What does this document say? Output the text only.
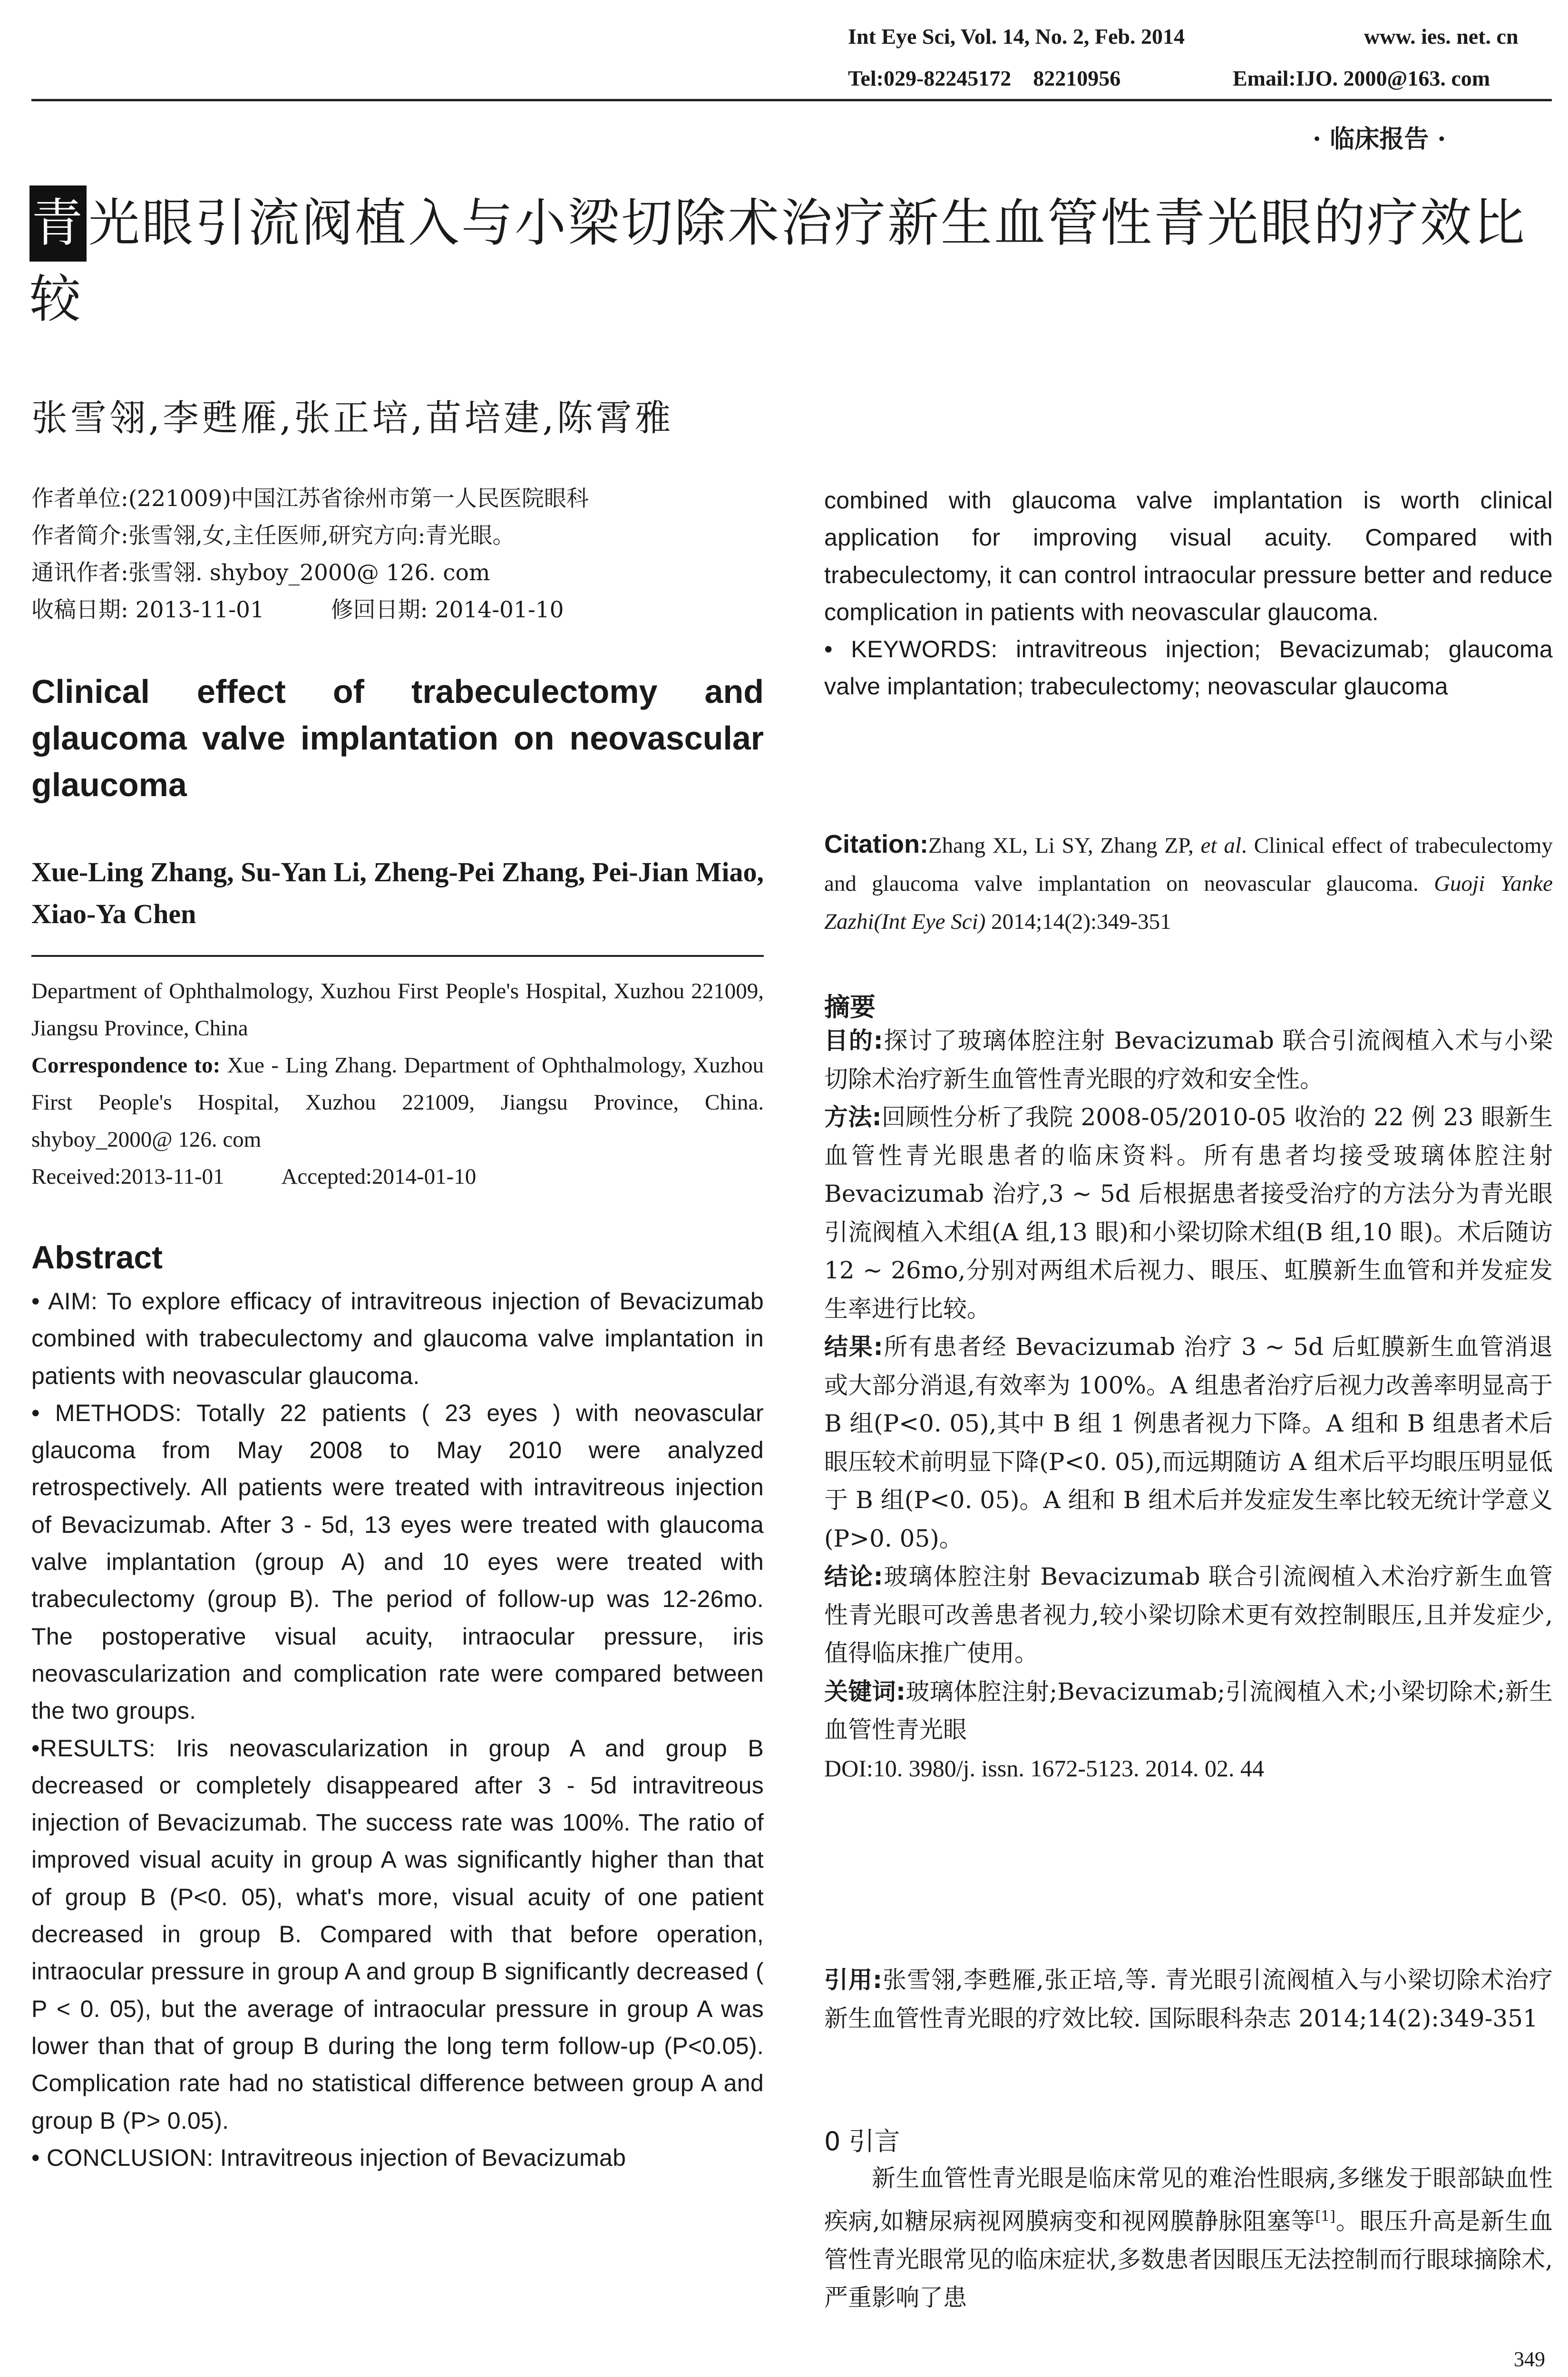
Int Eye Sci, Vol. 14, No. 2, Feb. 2014	www. ies. net. cn
Tel:029-82245172    82210956	Email:IJO. 2000@163. com
· 临床报告 ·
青光眼引流阀植入与小梁切除术治疗新生血管性青光眼的疗效比较
张雪翎,李甦雁,张正培,苗培建,陈霄雅
作者单位:(221009)中国江苏省徐州市第一人民医院眼科
作者简介:张雪翎,女,主任医师,研究方向:青光眼。
通讯作者:张雪翎. shyboy_2000@ 126. com
收稿日期: 2013-11-01	修回日期: 2014-01-10
Clinical effect of trabeculectomy and glaucoma valve implantation on neovascular glaucoma
Xue-Ling Zhang, Su-Yan Li, Zheng-Pei Zhang, Pei-Jian Miao, Xiao-Ya Chen
Department of Ophthalmology, Xuzhou First People's Hospital, Xuzhou 221009, Jiangsu Province, China
Correspondence to: Xue - Ling Zhang. Department of Ophthalmology, Xuzhou First People's Hospital, Xuzhou 221009, Jiangsu Province, China. shyboy_2000@ 126. com
Received:2013-11-01	Accepted:2014-01-10
Abstract

• AIM: To explore efficacy of intravitreous injection of Bevacizumab combined with trabeculectomy and glaucoma valve implantation in patients with neovascular glaucoma.

• METHODS: Totally 22 patients ( 23 eyes ) with neovascular glaucoma from May 2008 to May 2010 were analyzed retrospectively. All patients were treated with intravitreous injection of Bevacizumab. After 3 - 5d, 13 eyes were treated with glaucoma valve implantation (group A) and 10 eyes were treated with trabeculectomy (group B). The period of follow-up was 12-26mo. The postoperative visual acuity, intraocular pressure, iris neovascularization and complication rate were compared between the two groups.

•RESULTS: Iris neovascularization in group A and group B decreased or completely disappeared after 3 - 5d intravitreous injection of Bevacizumab. The success rate was 100%. The ratio of improved visual acuity in group A was significantly higher than that of group B (P<0. 05), what's more, visual acuity of one patient decreased in group B. Compared with that before operation, intraocular pressure in group A and group B significantly decreased ( P < 0. 05), but the average of intraocular pressure in group A was lower than that of group B during the long term follow-up (P<0.05). Complication rate had no statistical difference between group A and group B (P> 0.05).

• CONCLUSION: Intravitreous injection of Bevacizumab

combined with glaucoma valve implantation is worth clinical application for improving visual acuity. Compared with trabeculectomy, it can control intraocular pressure better and reduce complication in patients with neovascular glaucoma.

• KEYWORDS: intravitreous injection; Bevacizumab; glaucoma valve implantation; trabeculectomy; neovascular glaucoma

Citation:Zhang XL, Li SY, Zhang ZP, et al. Clinical effect of trabeculectomy and glaucoma valve implantation on neovascular glaucoma. Guoji Yanke Zazhi(Int Eye Sci) 2014;14(2):349-351
摘要

目的:探讨了玻璃体腔注射 Bevacizumab 联合引流阀植入术与小梁切除术治疗新生血管性青光眼的疗效和安全性。

方法:回顾性分析了我院 2008-05/2010-05 收治的 22 例 23 眼新生血管性青光眼患者的临床资料。所有患者均接受玻璃体腔注射 Bevacizumab 治疗,3 ~ 5d 后根据患者接受治疗的方法分为青光眼引流阀植入术组(A 组,13 眼)和小梁切除术组(B 组,10 眼)。术后随访 12 ~ 26mo,分别对两组术后视力、眼压、虹膜新生血管和并发症发生率进行比较。

结果:所有患者经 Bevacizumab 治疗 3 ~ 5d 后虹膜新生血管消退或大部分消退,有效率为 100%。A 组患者治疗后视力改善率明显高于 B 组(P<0. 05),其中 B 组 1 例患者视力下降。A 组和 B 组患者术后眼压较术前明显下降(P<0. 05),而远期随访 A 组术后平均眼压明显低于 B 组(P<0. 05)。A 组和 B 组术后并发症发生率比较无统计学意义(P>0. 05)。

结论:玻璃体腔注射 Bevacizumab 联合引流阀植入术治疗新生血管性青光眼可改善患者视力,较小梁切除术更有效控制眼压,且并发症少,值得临床推广使用。

关键词:玻璃体腔注射;Bevacizumab;引流阀植入术;小梁切除术;新生血管性青光眼

DOI:10. 3980/j. issn. 1672-5123. 2014. 02. 44

引用:张雪翎,李甦雁,张正培,等. 青光眼引流阀植入与小梁切除术治疗新生血管性青光眼的疗效比较. 国际眼科杂志 2014;14(2):349-351
0 引言
新生血管性青光眼是临床常见的难治性眼病,多继发于眼部缺血性疾病,如糖尿病视网膜病变和视网膜静脉阻塞等[1]。眼压升高是新生血管性青光眼常见的临床症状,多数患者因眼压无法控制而行眼球摘除术,严重影响了患
349
